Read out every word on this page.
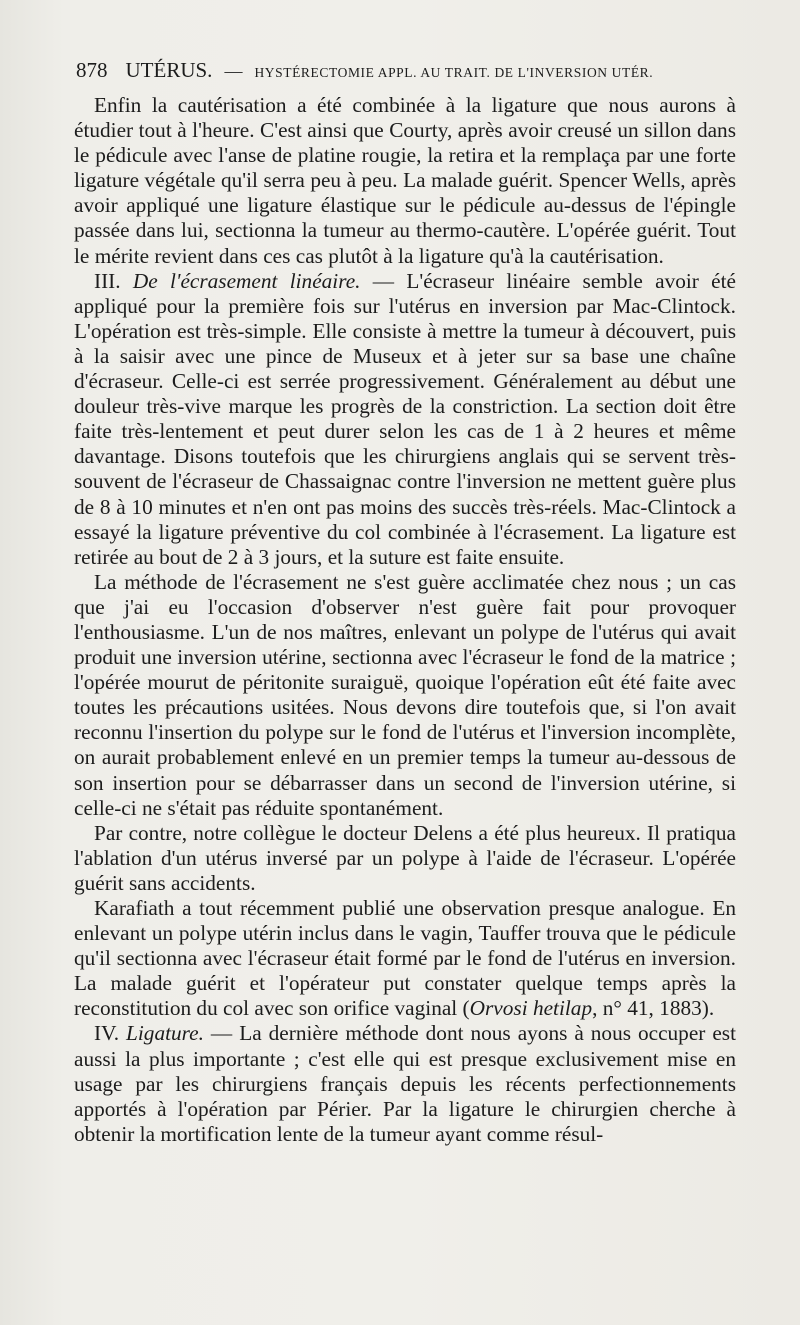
878 UTÉRUS. — HYSTÉRECTOMIE APPL. AU TRAIT. DE L'INVERSION UTÉR.

Enfin la cautérisation a été combinée à la ligature que nous aurons à étudier tout à l'heure. C'est ainsi que Courty, après avoir creusé un sillon dans le pédicule avec l'anse de platine rougie, la retira et la remplaça par une forte ligature végétale qu'il serra peu à peu. La malade guérit. Spencer Wells, après avoir appliqué une ligature élastique sur le pédicule au-dessus de l'épingle passée dans lui, sectionna la tumeur au thermo-cautère. L'opérée guérit. Tout le mérite revient dans ces cas plutôt à la ligature qu'à la cautérisation.

III. De l'écrasement linéaire. — L'écraseur linéaire semble avoir été appliqué pour la première fois sur l'utérus en inversion par Mac-Clintock. L'opération est très-simple. Elle consiste à mettre la tumeur à découvert, puis à la saisir avec une pince de Museux et à jeter sur sa base une chaîne d'écraseur. Celle-ci est serrée progressivement. Généralement au début une douleur très-vive marque les progrès de la constriction. La section doit être faite très-lentement et peut durer selon les cas de 1 à 2 heures et même davantage. Disons toutefois que les chirurgiens anglais qui se servent très-souvent de l'écraseur de Chassaignac contre l'inversion ne mettent guère plus de 8 à 10 minutes et n'en ont pas moins des succès très-réels. Mac-Clintock a essayé la ligature préventive du col combinée à l'écrasement. La ligature est retirée au bout de 2 à 3 jours, et la suture est faite ensuite.

La méthode de l'écrasement ne s'est guère acclimatée chez nous ; un cas que j'ai eu l'occasion d'observer n'est guère fait pour provoquer l'enthousiasme. L'un de nos maîtres, enlevant un polype de l'utérus qui avait produit une inversion utérine, sectionna avec l'écraseur le fond de la matrice ; l'opérée mourut de péritonite suraiguë, quoique l'opération eût été faite avec toutes les précautions usitées. Nous devons dire toutefois que, si l'on avait reconnu l'insertion du polype sur le fond de l'utérus et l'inversion incomplète, on aurait probablement enlevé en un premier temps la tumeur au-dessous de son insertion pour se débarrasser dans un second de l'inversion utérine, si celle-ci ne s'était pas réduite spontanément.

Par contre, notre collègue le docteur Delens a été plus heureux. Il pratiqua l'ablation d'un utérus inversé par un polype à l'aide de l'écraseur. L'opérée guérit sans accidents.

Karafiath a tout récemment publié une observation presque analogue. En enlevant un polype utérin inclus dans le vagin, Tauffer trouva que le pédicule qu'il sectionna avec l'écraseur était formé par le fond de l'utérus en inversion. La malade guérit et l'opérateur put constater quelque temps après la reconstitution du col avec son orifice vaginal (Orvosi hetilap, n° 41, 1883).

IV. Ligature. — La dernière méthode dont nous ayons à nous occuper est aussi la plus importante ; c'est elle qui est presque exclusivement mise en usage par les chirurgiens français depuis les récents perfectionnements apportés à l'opération par Périer. Par la ligature le chirurgien cherche à obtenir la mortification lente de la tumeur ayant comme résul-
